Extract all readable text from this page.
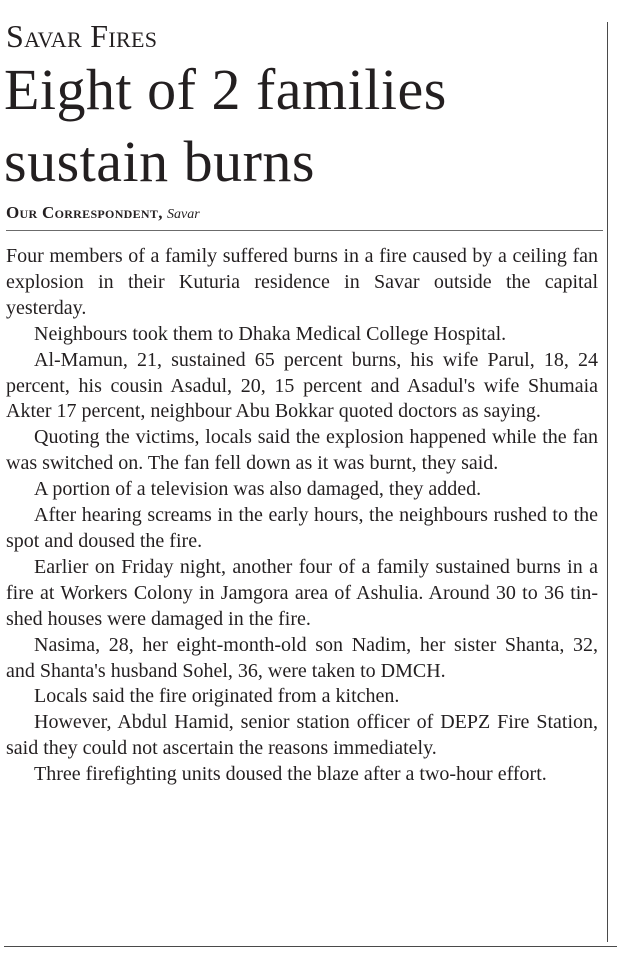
Savar Fires
Eight of 2 families
sustain burns
Our Correspondent, Savar

Four members of a family suffered burns in a fire caused by a ceiling fan explosion in their Kuturia residence in Savar outside the capital yesterday.

Neighbours took them to Dhaka Medical College Hospital.

Al-Mamun, 21, sustained 65 percent burns, his wife Parul, 18, 24 percent, his cousin Asadul, 20, 15 percent and Asadul's wife Shumaia Akter 17 percent, neighbour Abu Bokkar quoted doctors as saying.

Quoting the victims, locals said the explosion happened while the fan was switched on. The fan fell down as it was burnt, they said.

A portion of a television was also damaged, they added.

After hearing screams in the early hours, the neighbours rushed to the spot and doused the fire.

Earlier on Friday night, another four of a family sustained burns in a fire at Workers Colony in Jamgora area of Ashulia. Around 30 to 36 tin-shed houses were damaged in the fire.

Nasima, 28, her eight-month-old son Nadim, her sister Shanta, 32, and Shanta's husband Sohel, 36, were taken to DMCH.

Locals said the fire originated from a kitchen.

However, Abdul Hamid, senior station officer of DEPZ Fire Station, said they could not ascertain the reasons immediately.

Three firefighting units doused the blaze after a two-hour effort.
